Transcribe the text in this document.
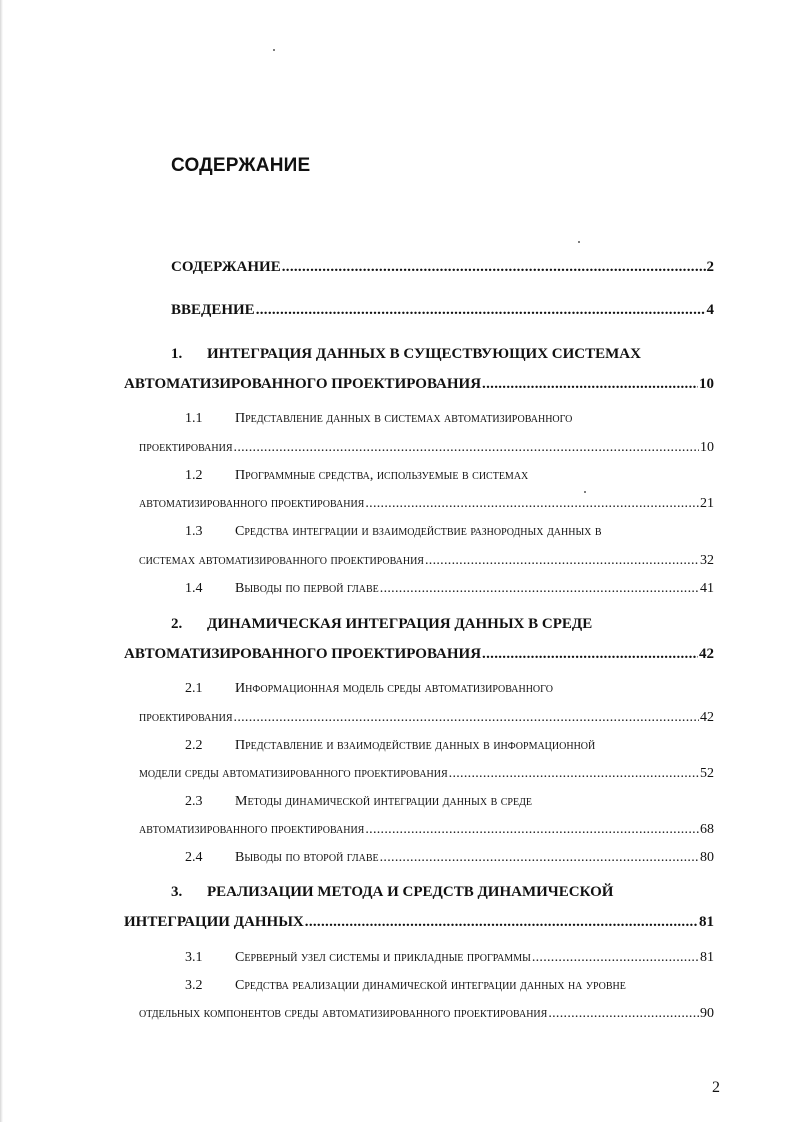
СОДЕРЖАНИЕ
СОДЕРЖАНИЕ .....	2
ВВЕДЕНИЕ .....	4
1. ИНТЕГРАЦИЯ ДАННЫХ В СУЩЕСТВУЮЩИХ СИСТЕМАХ
АВТОМАТИЗИРОВАННОГО ПРОЕКТИРОВАНИЯ .....	10
1.1 Представление данных в системах автоматизированного
проектирования .....	10
1.2 Программные средства, используемые в системах
автоматизированного проектирования .....	21
1.3 Средства интеграции и взаимодействие разнородных данных в
системах автоматизированного проектирования .....	32
1.4	Выводы по первой главе .....	41
2. ДИНАМИЧЕСКАЯ ИНТЕГРАЦИЯ ДАННЫХ В СРЕДЕ
АВТОМАТИЗИРОВАННОГО ПРОЕКТИРОВАНИЯ .....	42
2.1 Информационная модель среды автоматизированного
проектирования .....	42
2.2 Представление и взаимодействие данных в информационной
модели среды автоматизированного проектирования .....	52
2.3 Методы динамической интеграции данных в среде
автоматизированного проектирования .....	68
2.4	Выводы по второй главе .....	80
3. РЕАЛИЗАЦИИ МЕТОДА И СРЕДСТВ ДИНАМИЧЕСКОЙ
ИНТЕГРАЦИИ ДАННЫХ .....	81
3.1	Серверный узел системы и прикладные программы .....	81
3.2 Средства реализации динамической интеграции данных на уровне
отдельных компонентов среды автоматизированного проектирования .....	90
2
